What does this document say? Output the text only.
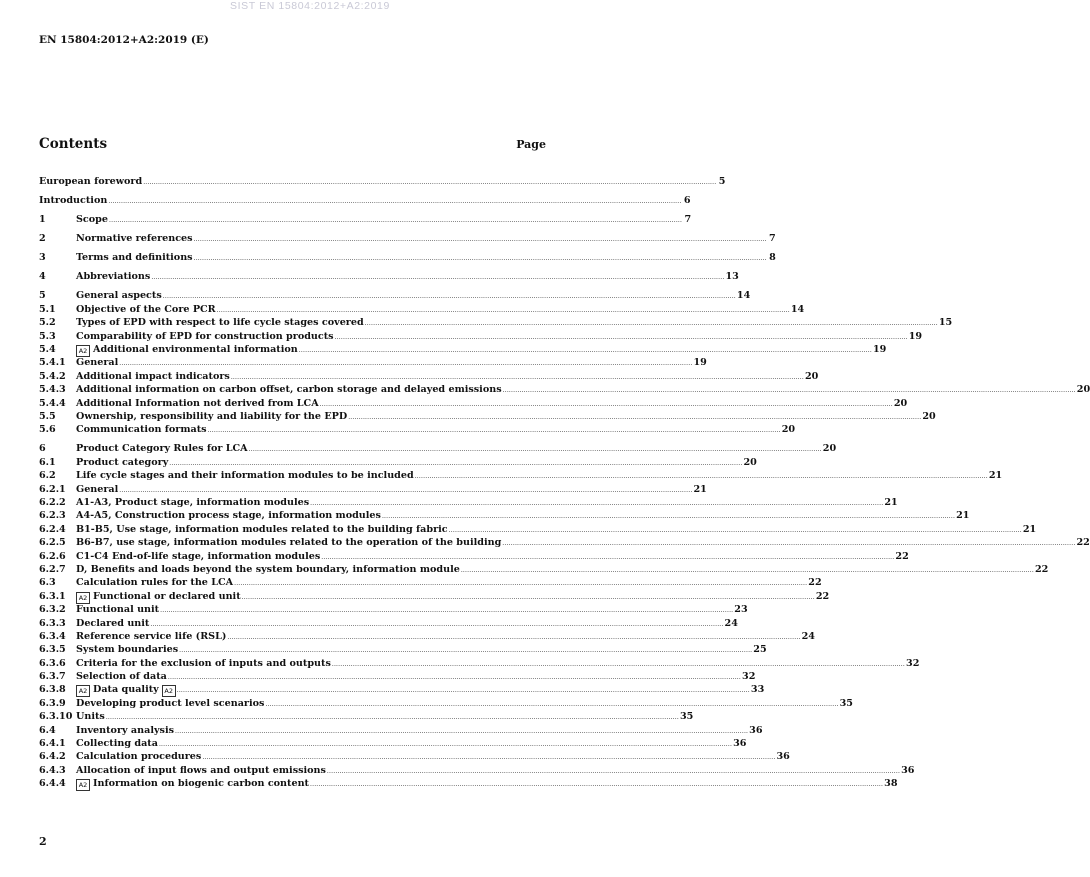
SIST EN 15804:2012+A2:2019
EN 15804:2012+A2:2019 (E)
Contents	Page
European foreword .....	5
Introduction .....	6
1	Scope .....	7
2	Normative references .....	7
3	Terms and definitions .....	8
4	Abbreviations .....	13
5	General aspects .....	14
5.1	Objective of the Core PCR .....	14
5.2	Types of EPD with respect to life cycle stages covered .....	15
5.3	Comparability of EPD for construction products .....	19
5.4	A2 Additional environmental information .....	19
5.4.1	General .....	19
5.4.2	Additional impact indicators .....	20
5.4.3	Additional information on carbon offset, carbon storage and delayed emissions .....	20
5.4.4	Additional Information not derived from LCA .....	20
5.5	Ownership, responsibility and liability for the EPD .....	20
5.6	Communication formats .....	20
6	Product Category Rules for LCA .....	20
6.1	Product category .....	20
6.2	Life cycle stages and their information modules to be included .....	21
6.2.1	General .....	21
6.2.2	A1-A3, Product stage, information modules .....	21
6.2.3	A4-A5, Construction process stage, information modules .....	21
6.2.4	B1-B5, Use stage, information modules related to the building fabric .....	21
6.2.5	B6-B7, use stage, information modules related to the operation of the building .....	22
6.2.6	C1-C4 End-of-life stage, information modules .....	22
6.2.7	D, Benefits and loads beyond the system boundary, information module .....	22
6.3	Calculation rules for the LCA .....	22
6.3.1	A2 Functional or declared unit .....	22
6.3.2	Functional unit .....	23
6.3.3	Declared unit .....	24
6.3.4	Reference service life (RSL) .....	24
6.3.5	System boundaries .....	25
6.3.6	Criteria for the exclusion of inputs and outputs .....	32
6.3.7	Selection of data .....	32
6.3.8	A2 Data quality A2 .....	33
6.3.9	Developing product level scenarios .....	35
6.3.10 Units .....	35
6.4	Inventory analysis .....	36
6.4.1	Collecting data .....	36
6.4.2	Calculation procedures .....	36
6.4.3	Allocation of input flows and output emissions .....	36
6.4.4	A2 Information on biogenic carbon content .....	38
2
